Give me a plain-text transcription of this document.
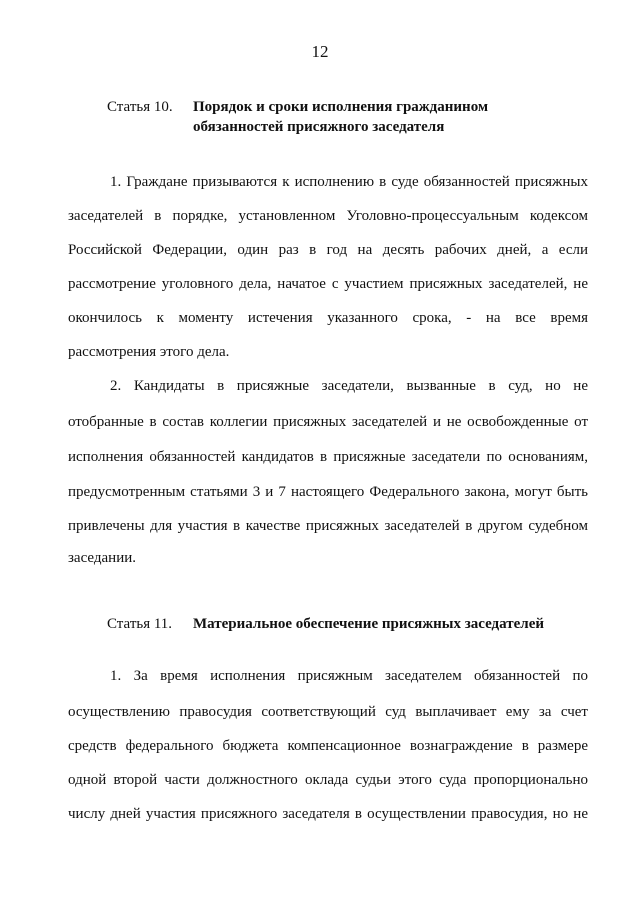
12
Статья 10. Порядок и сроки исполнения гражданином
обязанностей присяжного заседателя
1. Граждане призываются к исполнению в суде обязанностей присяжных
заседателей в порядке, установленном Уголовно-процессуальным кодексом
Российской Федерации, один раз в год на десять рабочих дней, а если
рассмотрение уголовного дела, начатое с участием присяжных заседателей, не
окончилось к моменту истечения указанного срока, - на все время
рассмотрения этого дела.
2. Кандидаты в присяжные заседатели, вызванные в суд, но не
отобранные в состав коллегии присяжных заседателей и не освобожденные от
исполнения обязанностей кандидатов в присяжные заседатели по основаниям,
предусмотренным статьями 3 и 7 настоящего Федерального закона, могут быть
привлечены для участия в качестве присяжных заседателей в другом судебном
заседании.
Статья 11. Материальное обеспечение присяжных заседателей
1. За время исполнения присяжным заседателем обязанностей по
осуществлению правосудия соответствующий суд выплачивает ему за счет
средств федерального бюджета компенсационное вознаграждение в размере
одной второй части должностного оклада судьи этого суда пропорционально
числу дней участия присяжного заседателя в осуществлении правосудия, но не
